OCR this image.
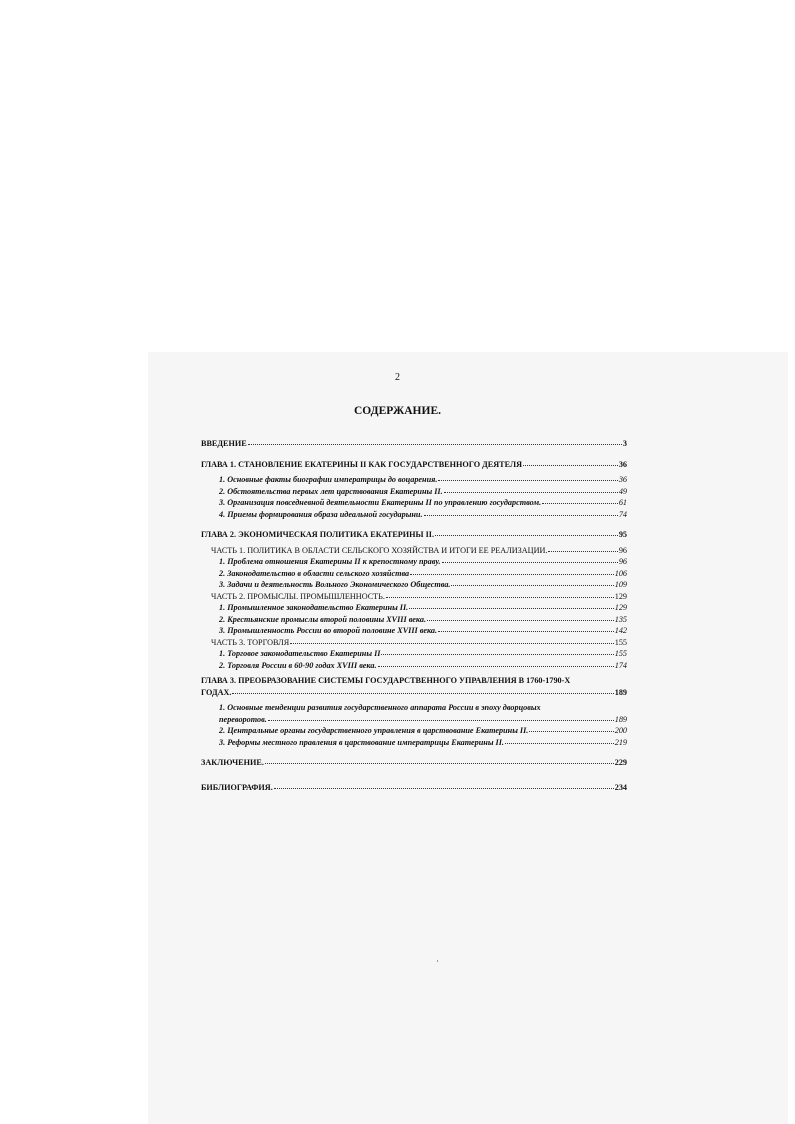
2
СОДЕРЖАНИЕ.
ВВЕДЕНИЕ	3
ГЛАВА 1. СТАНОВЛЕНИЕ ЕКАТЕРИНЫ II КАК ГОСУДАРСТВЕННОГО ДЕЯТЕЛЯ	36
1. Основные факты биографии императрицы до воцарения.	36
2. Обстоятельства первых лет царствования Екатерины II.	49
3. Организация повседневной деятельности Екатерины II по управлению государством.	61
4. Приемы формирования образа идеальной государыни.	74
ГЛАВА 2. ЭКОНОМИЧЕСКАЯ ПОЛИТИКА ЕКАТЕРИНЫ II.	95
ЧАСТЬ 1. ПОЛИТИКА В ОБЛАСТИ СЕЛЬСКОГО ХОЗЯЙСТВА И ИТОГИ ЕЕ РЕАЛИЗАЦИИ.	96
1. Проблема отношения Екатерины II к крепостному праву.	96
2. Законодательство в области сельского хозяйства	106
3. Задачи и деятельность Вольного Экономического Общества.	109
ЧАСТЬ 2. ПРОМЫСЛЫ. ПРОМЫШЛЕННОСТЬ.	129
1. Промышленное законодательство Екатерины II.	129
2. Крестьянские промыслы второй половины XVIII века.	135
3. Промышленность России во второй половине XVIII века.	142
ЧАСТЬ 3. ТОРГОВЛЯ	155
1. Торговое законодательство Екатерины II	155
2. Торговля России в 60-90 годах XVIII века.	174
ГЛАВА 3. ПРЕОБРАЗОВАНИЕ СИСТЕМЫ ГОСУДАРСТВЕННОГО УПРАВЛЕНИЯ В 1760-1790-Х
ГОДАХ.	189
1. Основные тенденции развития государственного аппарата России в эпоху дворцовых
переворотов.	189
2. Центральные органы государственного управления в царствование Екатерины II.	200
3. Реформы местного правления в царствование императрицы Екатерины II.	219
ЗАКЛЮЧЕНИЕ.	229
БИБЛИОГРАФИЯ.	234
